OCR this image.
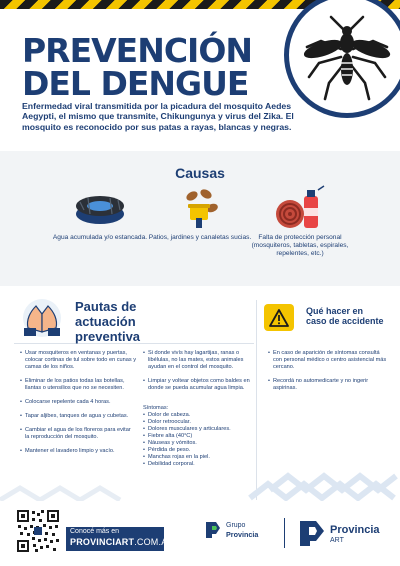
PREVENCIÓN
DEL DENGUE

Enfermedad viral transmitida por la picadura del mosquito Aedes Aegypti, el mismo que transmite, Chikungunya y virus del Zika. El mosquito es reconocido por sus patas a rayas, blancas y negras.

Causas
Agua acumulada y/o estancada. Patios, jardines y canaletas sucias.	Falta de protección personal (mosquiteros, tabletas, espirales, repelentes, etc.)
Pautas de actuación preventiva
• Usar mosquiteros en ventanas y puertas, colocar cortinas de tul sobre todo en cunas y camas de los niños.
• Eliminar de los patios todas las botellas, llantas o utensilios que no se necesiten.
• Colocarse repelente cada 4 horas.
• Tapar aljibes, tanques de agua y cubetas.
• Cambiar el agua de los floreros para evitar la reproducción del mosquito.
• Mantener el lavadero limpio y vacío.
• Si donde vivís hay lagartijas, ranas o libélulas, no las mates, estos animales ayudan en el control del mosquito.
• Limpiar y voltear objetos como baldes en donde se pueda acumular agua limpia.
Síntomas:
• Dolor de cabeza.
• Dolor retroocular.
• Dolores musculares y articulares.
• Fiebre alta (40°C)
• Náuseas y vómitos.
• Pérdida de peso.
• Manchas rojas en la piel.
• Debilidad corporal.
Qué hacer en
caso de accidente
• En caso de aparición de síntomas consultá con personal médico o centro asistencial más cercano.
• Recordá no automedicarte y no ingerir aspirinas.
Conocé más en
PROVINCIART.COM.AR
Grupo
Provincia	Provincia
ART
